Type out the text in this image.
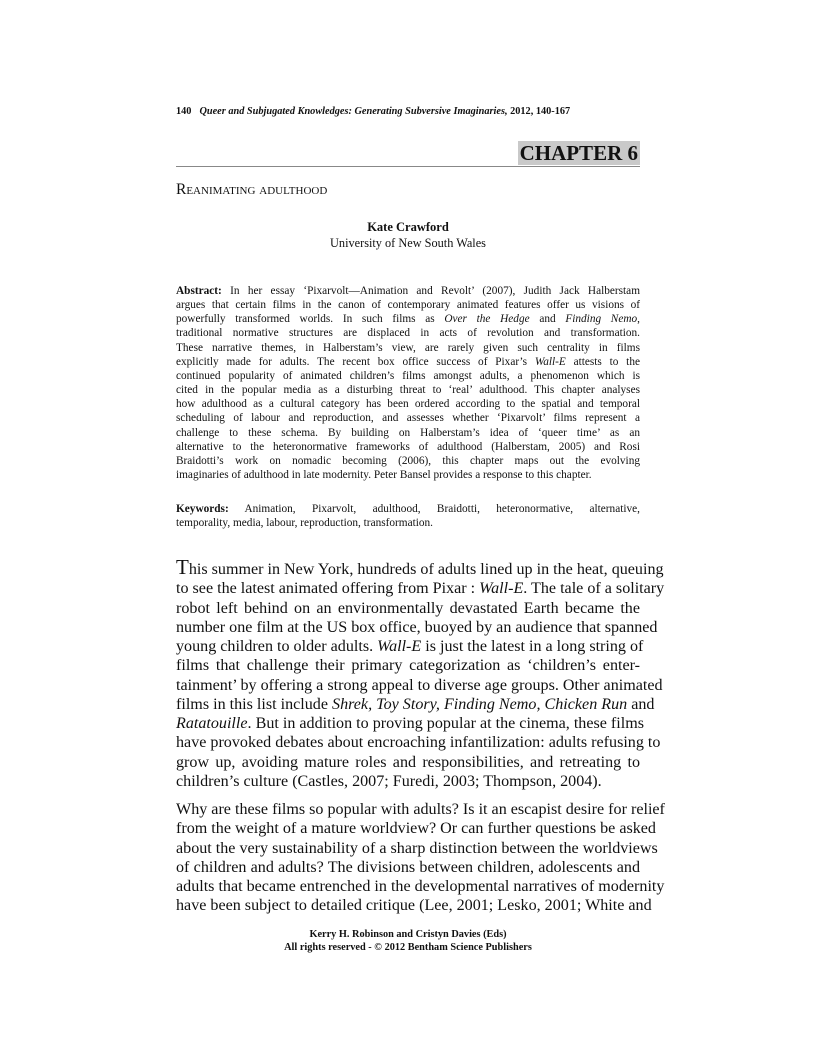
140 Queer and Subjugated Knowledges: Generating Subversive Imaginaries, 2012, 140-167
CHAPTER 6
Reanimating adulthood
Kate Crawford
University of New South Wales
Abstract: In her essay ‘Pixarvolt—Animation and Revolt’ (2007), Judith Jack Halberstam
argues that certain films in the canon of contemporary animated features offer us visions of
powerfully transformed worlds. In such films as Over the Hedge and Finding Nemo,
traditional normative structures are displaced in acts of revolution and transformation.
These narrative themes, in Halberstam’s view, are rarely given such centrality in films
explicitly made for adults. The recent box office success of Pixar’s Wall-E attests to the
continued popularity of animated children’s films amongst adults, a phenomenon which is
cited in the popular media as a disturbing threat to ‘real’ adulthood. This chapter analyses
how adulthood as a cultural category has been ordered according to the spatial and temporal
scheduling of labour and reproduction, and assesses whether ‘Pixarvolt’ films represent a
challenge to these schema. By building on Halberstam’s idea of ‘queer time’ as an
alternative to the heteronormative frameworks of adulthood (Halberstam, 2005) and Rosi
Braidotti’s work on nomadic becoming (2006), this chapter maps out the evolving
imaginaries of adulthood in late modernity. Peter Bansel provides a response to this chapter.
Keywords: Animation, Pixarvolt, adulthood, Braidotti, heteronormative, alternative,
temporality, media, labour, reproduction, transformation.
This summer in New York, hundreds of adults lined up in the heat, queuing
to see the latest animated offering from Pixar : Wall-E. The tale of a solitary
robot left behind on an environmentally devastated Earth became the
number one film at the US box office, buoyed by an audience that spanned
young children to older adults. Wall-E is just the latest in a long string of
films that challenge their primary categorization as ‘children’s enter-
tainment’ by offering a strong appeal to diverse age groups. Other animated
films in this list include Shrek, Toy Story, Finding Nemo, Chicken Run and
Ratatouille. But in addition to proving popular at the cinema, these films
have provoked debates about encroaching infantilization: adults refusing to
grow up, avoiding mature roles and responsibilities, and retreating to
children’s culture (Castles, 2007; Furedi, 2003; Thompson, 2004).
Why are these films so popular with adults? Is it an escapist desire for relief
from the weight of a mature worldview? Or can further questions be asked
about the very sustainability of a sharp distinction between the worldviews
of children and adults? The divisions between children, adolescents and
adults that became entrenched in the developmental narratives of modernity
have been subject to detailed critique (Lee, 2001; Lesko, 2001; White and
Kerry H. Robinson and Cristyn Davies (Eds)
All rights reserved - © 2012 Bentham Science Publishers
